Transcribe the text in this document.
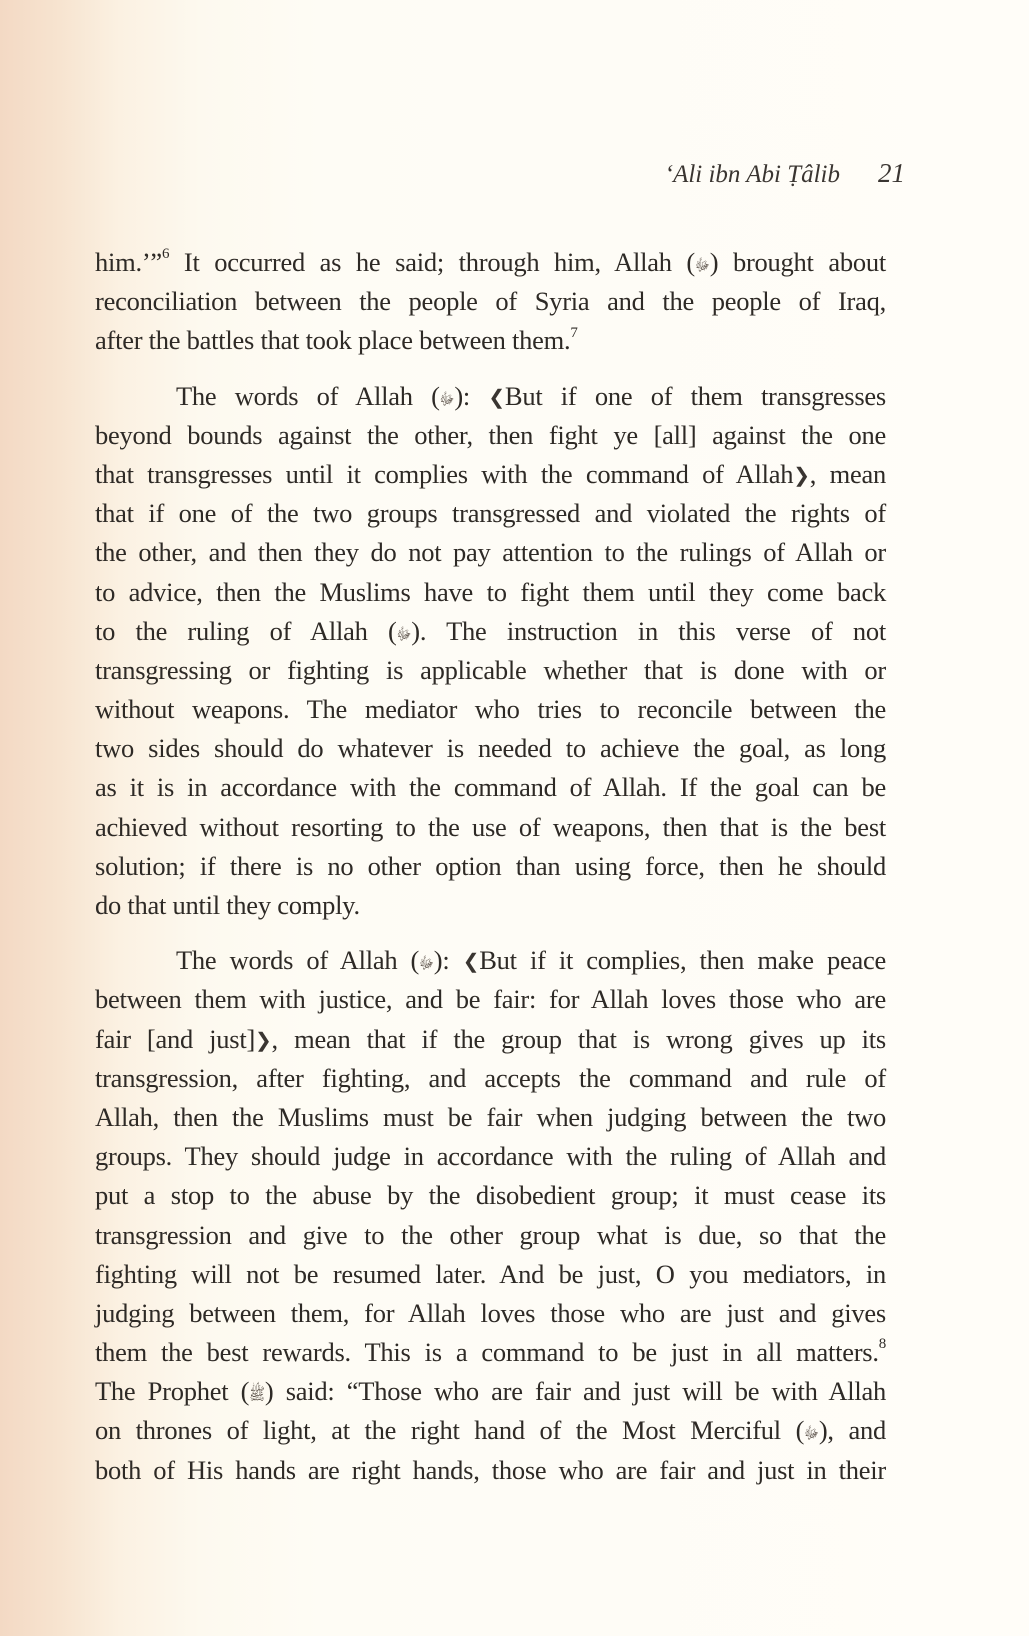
‘Ali ibn Abi Ṭâlib 21
him.’”$^6$ It occurred as he said; through him, Allah (ﷻ) brought about
reconciliation between the people of Syria and the people of Iraq,
after the battles that took place between them.$^7$
The words of Allah (ﷻ): ❮But if one of them transgresses
beyond bounds against the other, then fight ye [all] against the one
that transgresses until it complies with the command of Allah❯, mean
that if one of the two groups transgressed and violated the rights of
the other, and then they do not pay attention to the rulings of Allah or
to advice, then the Muslims have to fight them until they come back
to the ruling of Allah (ﷻ). The instruction in this verse of not
transgressing or fighting is applicable whether that is done with or
without weapons. The mediator who tries to reconcile between the
two sides should do whatever is needed to achieve the goal, as long
as it is in accordance with the command of Allah. If the goal can be
achieved without resorting to the use of weapons, then that is the best
solution; if there is no other option than using force, then he should
do that until they comply.
The words of Allah (ﷻ): ❮But if it complies, then make peace
between them with justice, and be fair: for Allah loves those who are
fair [and just]❯, mean that if the group that is wrong gives up its
transgression, after fighting, and accepts the command and rule of
Allah, then the Muslims must be fair when judging between the two
groups. They should judge in accordance with the ruling of Allah and
put a stop to the abuse by the disobedient group; it must cease its
transgression and give to the other group what is due, so that the
fighting will not be resumed later. And be just, O you mediators, in
judging between them, for Allah loves those who are just and gives
them the best rewards. This is a command to be just in all matters.$^8$
The Prophet (ﷺ) said: “Those who are fair and just will be with Allah
on thrones of light, at the right hand of the Most Merciful (ﷻ), and
both of His hands are right hands, those who are fair and just in their
